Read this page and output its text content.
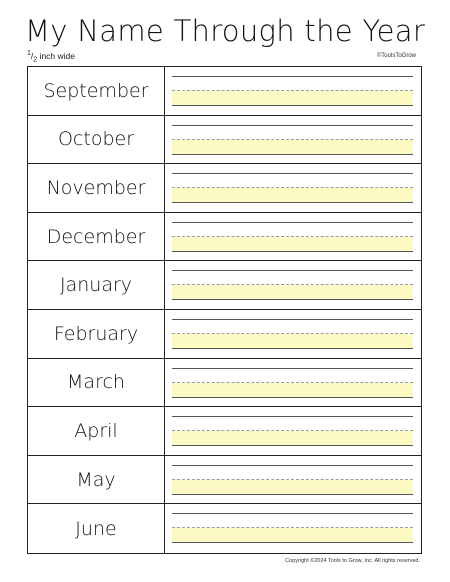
My Name Through the Year
$^1/_2$ inch wide	©ToolsToGrow
September
October
November
December
January
February
March
April
May
June
Copyright ©2024 Tools to Grow, Inc. All rights reserved.
